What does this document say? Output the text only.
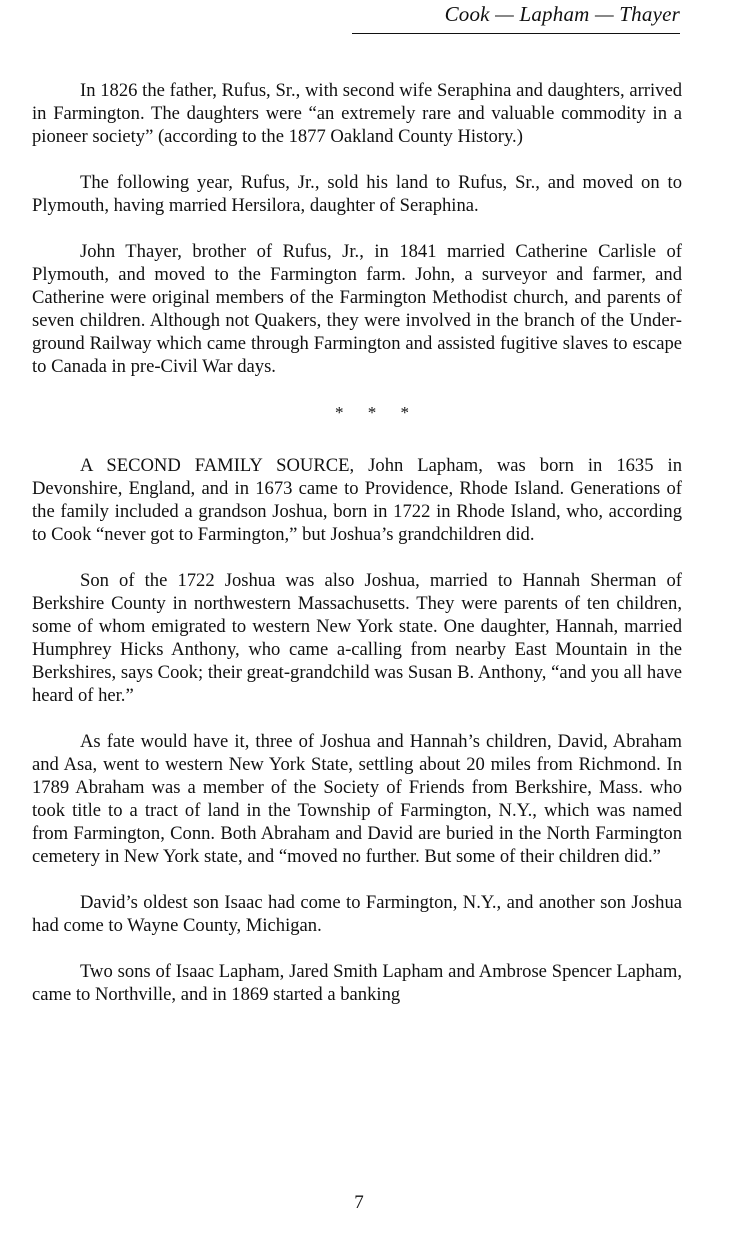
Cook — Lapham — Thayer

In 1826 the father, Rufus, Sr., with second wife Seraphina and daughters, arrived in Farmington. The daughters were “an extremely rare and valuable commodity in a pioneer society” (according to the 1877 Oakland County History.)

The following year, Rufus, Jr., sold his land to Rufus, Sr., and moved on to Plymouth, having married Hersilora, daughter of Seraphina.

John Thayer, brother of Rufus, Jr., in 1841 married Catherine Carlisle of Plymouth, and moved to the Farmington farm. John, a surveyor and farmer, and Catherine were original members of the Farmington Methodist church, and parents of seven children. Although not Quakers, they were involved in the branch of the Underground Railway which came through Farmington and assisted fugitive slaves to escape to Canada in pre-Civil War days.

* * *

A SECOND FAMILY SOURCE, John Lapham, was born in 1635 in Devonshire, England, and in 1673 came to Providence, Rhode Island. Generations of the family included a grandson Joshua, born in 1722 in Rhode Island, who, according to Cook “never got to Farmington,” but Joshua’s grandchildren did.

Son of the 1722 Joshua was also Joshua, married to Hannah Sherman of Berkshire County in northwestern Massachusetts. They were parents of ten children, some of whom emigrated to western New York state. One daughter, Hannah, married Humphrey Hicks Anthony, who came a-calling from nearby East Mountain in the Berkshires, says Cook; their great-grandchild was Susan B. Anthony, “and you all have heard of her.”

As fate would have it, three of Joshua and Hannah’s children, David, Abraham and Asa, went to western New York State, settling about 20 miles from Richmond. In 1789 Abraham was a member of the Society of Friends from Berkshire, Mass. who took title to a tract of land in the Township of Farmington, N.Y., which was named from Farmington, Conn. Both Abraham and David are buried in the North Farmington cemetery in New York state, and “moved no further. But some of their children did.”

David’s oldest son Isaac had come to Farmington, N.Y., and another son Joshua had come to Wayne County, Michigan.

Two sons of Isaac Lapham, Jared Smith Lapham and Ambrose Spencer Lapham, came to Northville, and in 1869 started a banking

7
